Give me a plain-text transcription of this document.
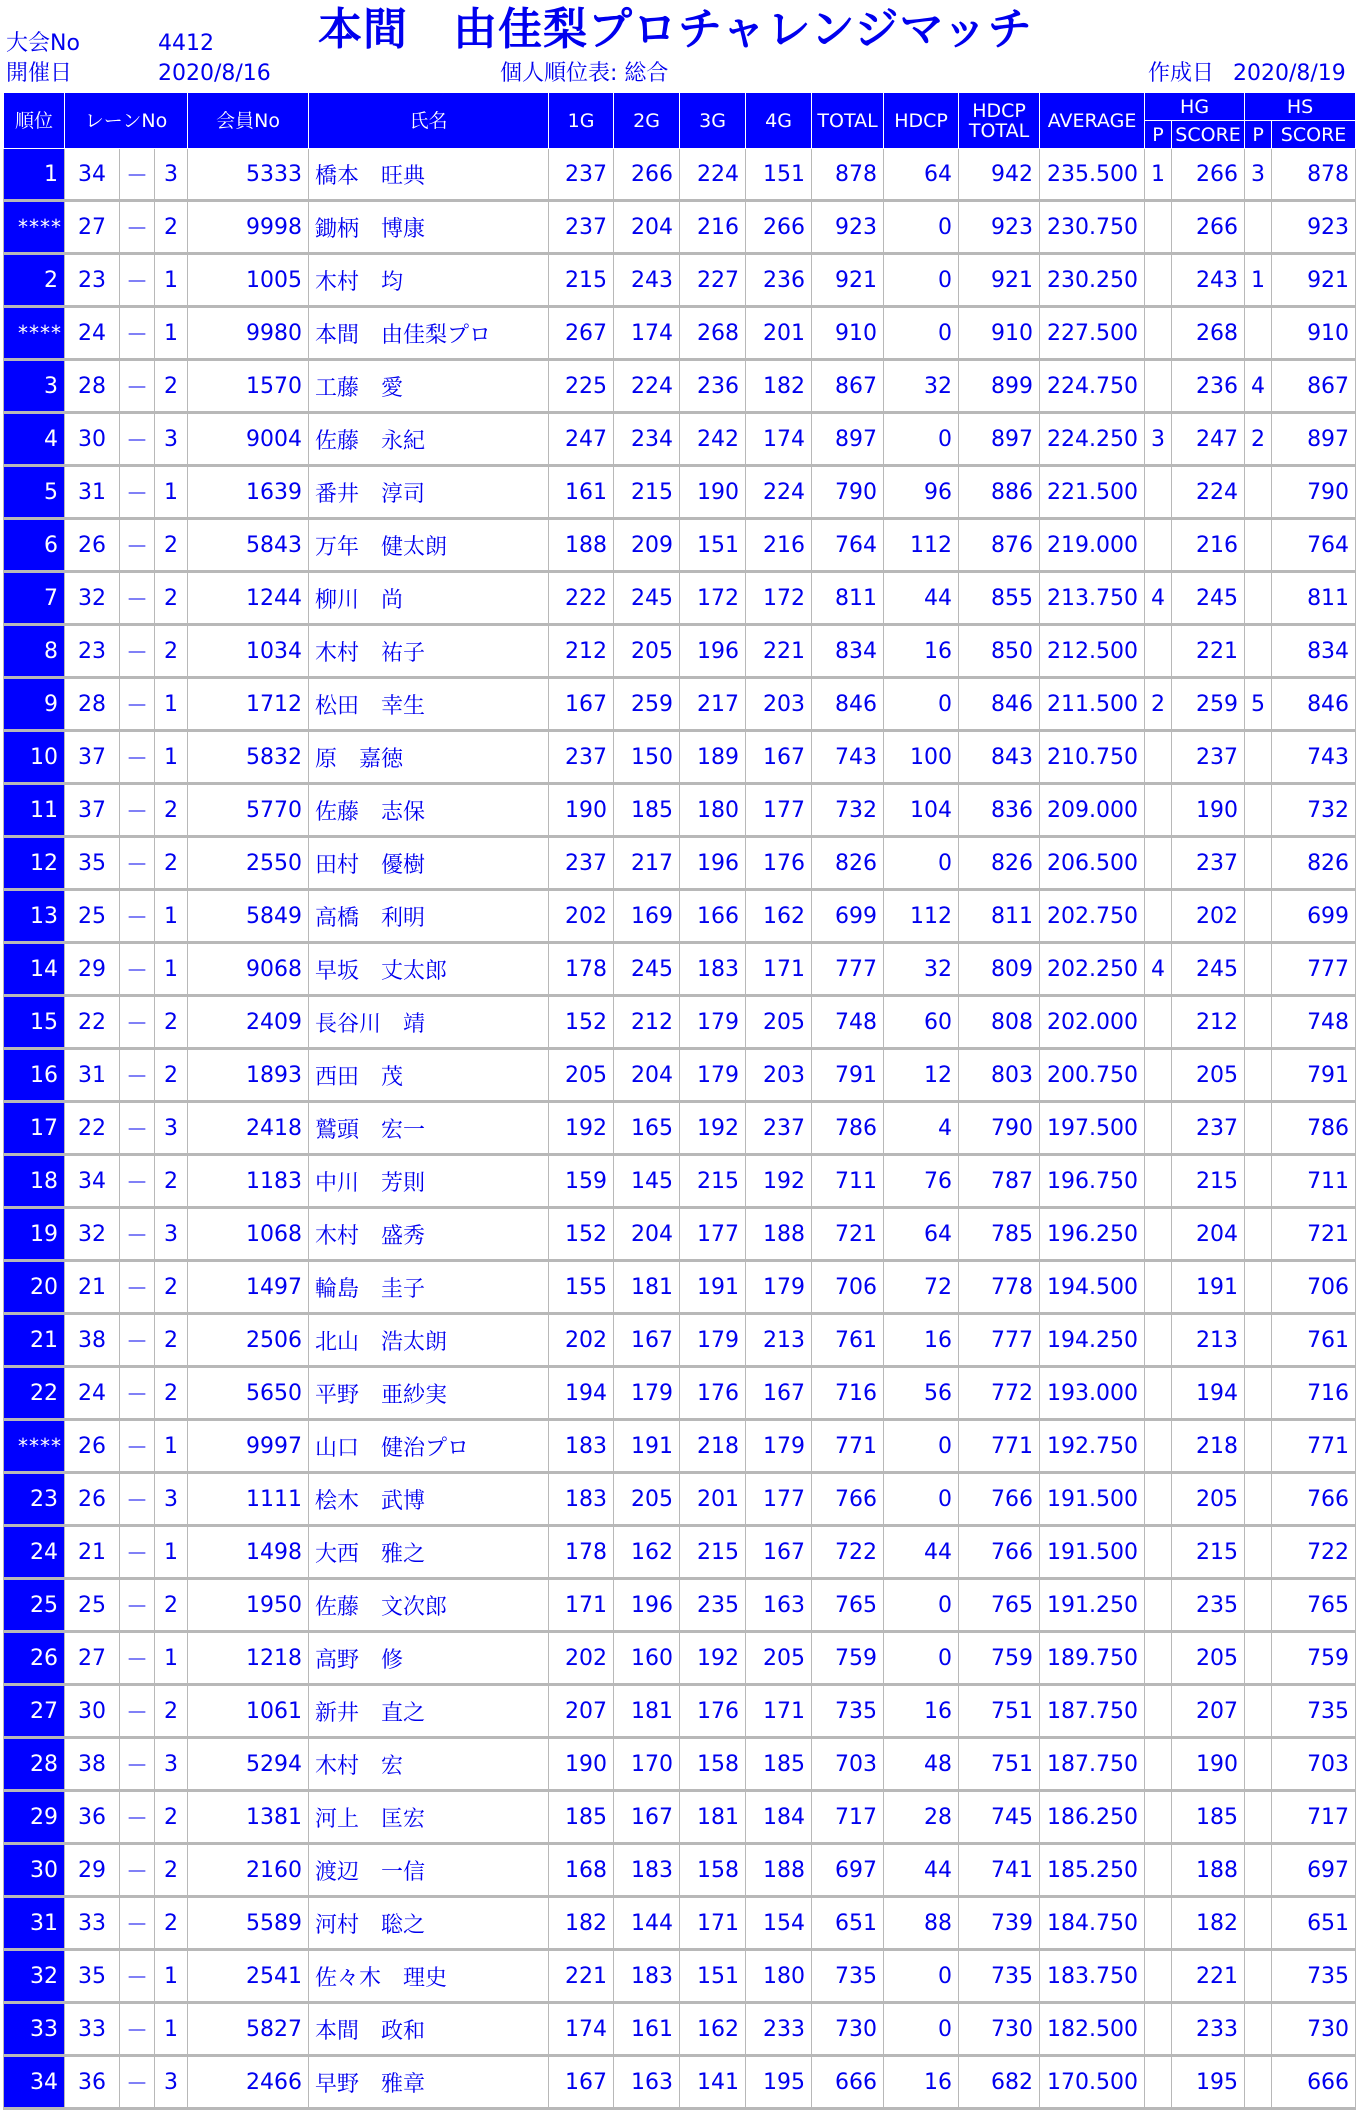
大会No	4412
開催日	2020/8/16
本間　由佳梨プロチャレンジマッチ
個人順位表: 総合	作成日 2020/8/19
順位	レーンNo			会員No	氏名	1G	2G	3G	4G	TOTAL	HDCP	HDCP
TOTAL	AVERAGE	HG		HS	
														P	SCORE	P	SCORE
1	34	－	3	5333	橋本　旺典	237	266	224	151	878	64	942	235.500	1	266	3	878
****	27	－	2	9998	鋤柄　博康	237	204	216	266	923	0	923	230.750		266		923
2	23	－	1	1005	木村　均	215	243	227	236	921	0	921	230.250		243	1	921
****	24	－	1	9980	本間　由佳梨プロ	267	174	268	201	910	0	910	227.500		268		910
3	28	－	2	1570	工藤　愛	225	224	236	182	867	32	899	224.750		236	4	867
4	30	－	3	9004	佐藤　永紀	247	234	242	174	897	0	897	224.250	3	247	2	897
5	31	－	1	1639	番井　淳司	161	215	190	224	790	96	886	221.500		224		790
6	26	－	2	5843	万年　健太朗	188	209	151	216	764	112	876	219.000		216		764
7	32	－	2	1244	柳川　尚	222	245	172	172	811	44	855	213.750	4	245		811
8	23	－	2	1034	木村　祐子	212	205	196	221	834	16	850	212.500		221		834
9	28	－	1	1712	松田　幸生	167	259	217	203	846	0	846	211.500	2	259	5	846
10	37	－	1	5832	原　嘉徳	237	150	189	167	743	100	843	210.750		237		743
11	37	－	2	5770	佐藤　志保	190	185	180	177	732	104	836	209.000		190		732
12	35	－	2	2550	田村　優樹	237	217	196	176	826	0	826	206.500		237		826
13	25	－	1	5849	高橋　利明	202	169	166	162	699	112	811	202.750		202		699
14	29	－	1	9068	早坂　丈太郎	178	245	183	171	777	32	809	202.250	4	245		777
15	22	－	2	2409	長谷川　靖	152	212	179	205	748	60	808	202.000		212		748
16	31	－	2	1893	西田　茂	205	204	179	203	791	12	803	200.750		205		791
17	22	－	3	2418	鷲頭　宏一	192	165	192	237	786	4	790	197.500		237		786
18	34	－	2	1183	中川　芳則	159	145	215	192	711	76	787	196.750		215		711
19	32	－	3	1068	木村　盛秀	152	204	177	188	721	64	785	196.250		204		721
20	21	－	2	1497	輪島　圭子	155	181	191	179	706	72	778	194.500		191		706
21	38	－	2	2506	北山　浩太朗	202	167	179	213	761	16	777	194.250		213		761
22	24	－	2	5650	平野　亜紗実	194	179	176	167	716	56	772	193.000		194		716
****	26	－	1	9997	山口　健治プロ	183	191	218	179	771	0	771	192.750		218		771
23	26	－	3	1111	桧木　武博	183	205	201	177	766	0	766	191.500		205		766
24	21	－	1	1498	大西　雅之	178	162	215	167	722	44	766	191.500		215		722
25	25	－	2	1950	佐藤　文次郎	171	196	235	163	765	0	765	191.250		235		765
26	27	－	1	1218	高野　修	202	160	192	205	759	0	759	189.750		205		759
27	30	－	2	1061	新井　直之	207	181	176	171	735	16	751	187.750		207		735
28	38	－	3	5294	木村　宏	190	170	158	185	703	48	751	187.750		190		703
29	36	－	2	1381	河上　匡宏	185	167	181	184	717	28	745	186.250		185		717
30	29	－	2	2160	渡辺　一信	168	183	158	188	697	44	741	185.250		188		697
31	33	－	2	5589	河村　聡之	182	144	171	154	651	88	739	184.750		182		651
32	35	－	1	2541	佐々木　理史	221	183	151	180	735	0	735	183.750		221		735
33	33	－	1	5827	本間　政和	174	161	162	233	730	0	730	182.500		233		730
34	36	－	3	2466	早野　雅章	167	163	141	195	666	16	682	170.500		195		666
